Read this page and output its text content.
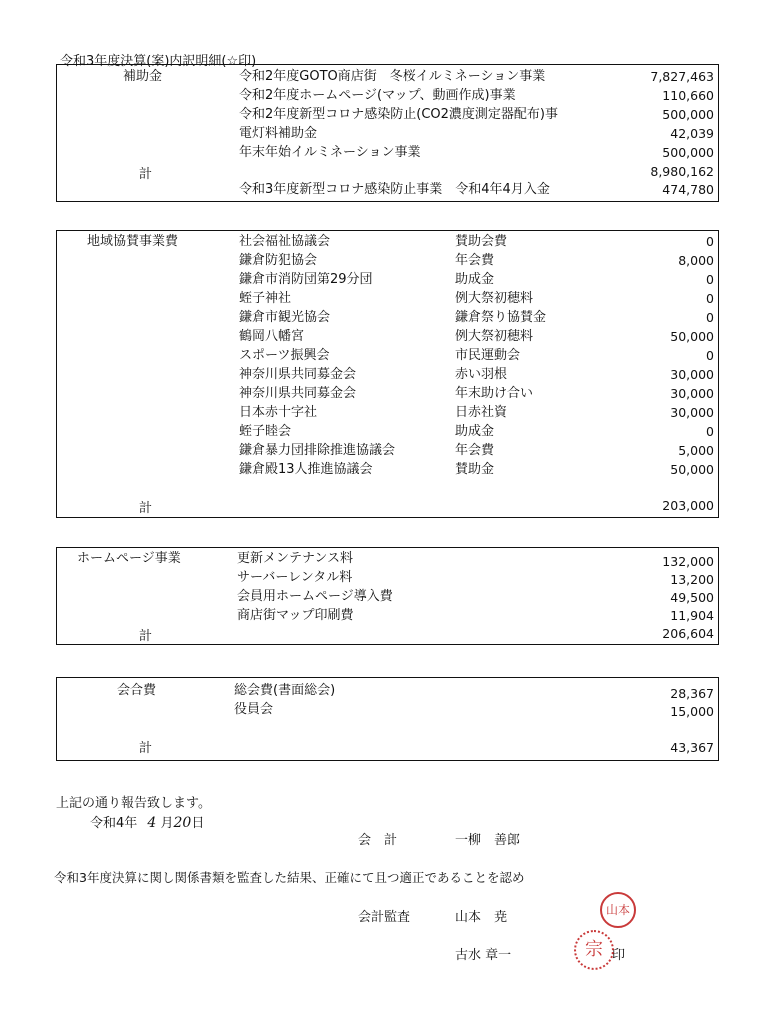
令和3年度決算(案)内訳明細(☆印)
補助金	令和2年度GOTO商店街　冬桜イルミネーション事業	7,827,463
令和2年度ホームページ(マップ、動画作成)事業	110,660
令和2年度新型コロナ感染防止(CO2濃度測定器配布)事	500,000
電灯料補助金	42,039
年末年始イルミネーション事業	500,000
計	8,980,162
令和3年度新型コロナ感染防止事業　令和4年4月入金	474,780
地域協賛事業費	社会福祉協議会	賛助会費	0
鎌倉防犯協会	年会費	8,000
鎌倉市消防団第29分団	助成金	0
蛭子神社	例大祭初穂料	0
鎌倉市観光協会	鎌倉祭り協賛金	0
鶴岡八幡宮	例大祭初穂料	50,000
スポーツ振興会	市民運動会	0
神奈川県共同募金会	赤い羽根	30,000
神奈川県共同募金会	年末助け合い	30,000
日本赤十字社	日赤社資	30,000
蛭子睦会	助成金	0
鎌倉暴力団排除推進協議会	年会費	5,000
鎌倉殿13人推進協議会	賛助金	50,000
計	203,000
ホームページ事業	更新メンテナンス料	132,000
サーバーレンタル料	13,200
会員用ホームページ導入費	49,500
商店街マップ印刷費	11,904
計	206,604
会合費	総会費(書面総会)	28,367
役員会	15,000
計	43,367
上記の通り報告致します。
令和4年 4 月20日
会　計	一柳　善郎
令和3年度決算に関し関係書類を監査した結果、正確にて且つ適正であることを認め
会計監査	山本　尭
古水 章一	印
山本
宗
